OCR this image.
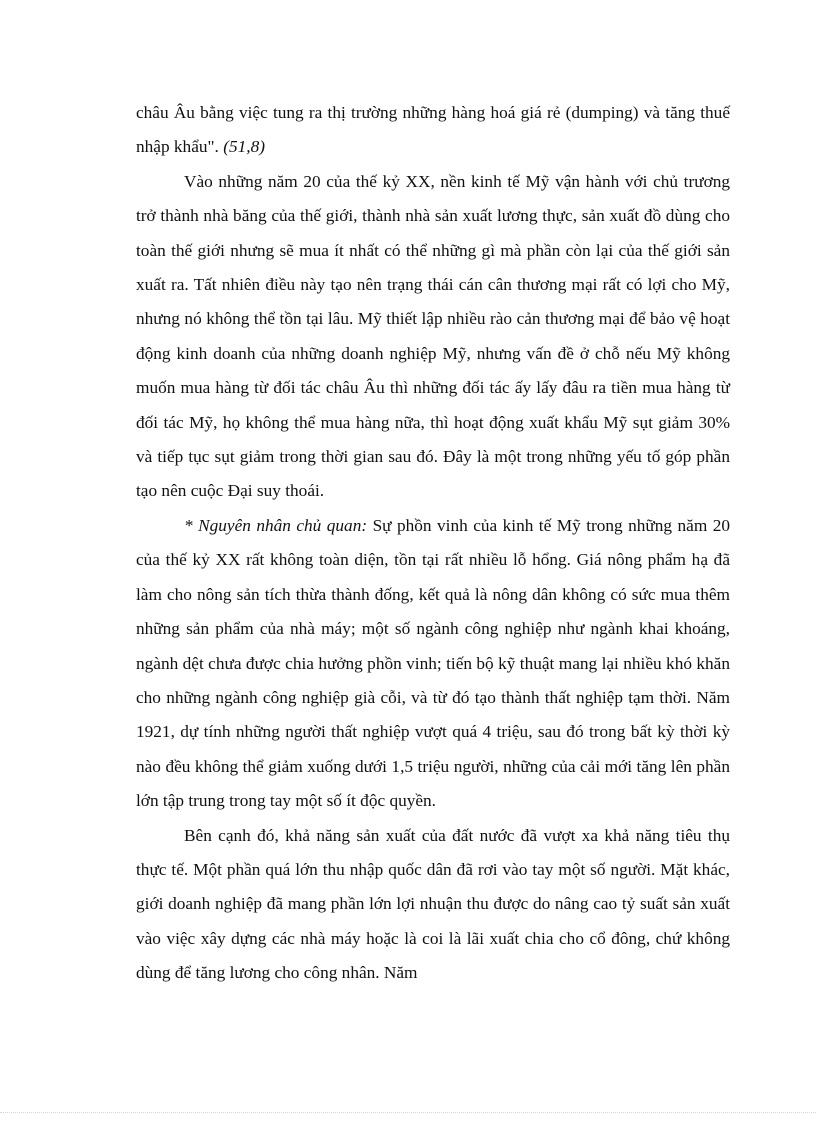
châu Âu bằng việc tung ra thị trường những hàng hoá giá rẻ (dumping) và tăng thuế nhập khẩu". (51,8)

Vào những năm 20 của thế kỷ XX, nền kinh tế Mỹ vận hành với chủ trương trở thành nhà băng của thế giới, thành nhà sản xuất lương thực, sản xuất đồ dùng cho toàn thế giới nhưng sẽ mua ít nhất có thể những gì mà phần còn lại của thế giới sản xuất ra. Tất nhiên điều này tạo nên trạng thái cán cân thương mại rất có lợi cho Mỹ, nhưng nó không thể tồn tại lâu. Mỹ thiết lập nhiều rào cản thương mại để bảo vệ hoạt động kinh doanh của những doanh nghiệp Mỹ, nhưng vấn đề ở chỗ nếu Mỹ không muốn mua hàng từ đối tác châu Âu thì những đối tác ấy lấy đâu ra tiền mua hàng từ đối tác Mỹ, họ không thể mua hàng nữa, thì hoạt động xuất khẩu Mỹ sụt giảm 30% và tiếp tục sụt giảm trong thời gian sau đó. Đây là một trong những yếu tố góp phần tạo nên cuộc Đại suy thoái.

* Nguyên nhân chủ quan: Sự phồn vinh của kinh tế Mỹ trong những năm 20 của thế kỷ XX rất không toàn diện, tồn tại rất nhiều lỗ hổng. Giá nông phẩm hạ đã làm cho nông sản tích thừa thành đống, kết quả là nông dân không có sức mua thêm những sản phẩm của nhà máy; một số ngành công nghiệp như ngành khai khoáng, ngành dệt chưa được chia hưởng phồn vinh; tiến bộ kỹ thuật mang lại nhiều khó khăn cho những ngành công nghiệp già cỗi, và từ đó tạo thành thất nghiệp tạm thời. Năm 1921, dự tính những người thất nghiệp vượt quá 4 triệu, sau đó trong bất kỳ thời kỳ nào đều không thể giảm xuống dưới 1,5 triệu người, những của cải mới tăng lên phần lớn tập trung trong tay một số ít độc quyền.

Bên cạnh đó, khả năng sản xuất của đất nước đã vượt xa khả năng tiêu thụ thực tế. Một phần quá lớn thu nhập quốc dân đã rơi vào tay một số người. Mặt khác, giới doanh nghiệp đã mang phần lớn lợi nhuận thu được do nâng cao tỷ suất sản xuất vào việc xây dựng các nhà máy hoặc là coi là lãi xuất chia cho cổ đông, chứ không dùng để tăng lương cho công nhân. Năm
